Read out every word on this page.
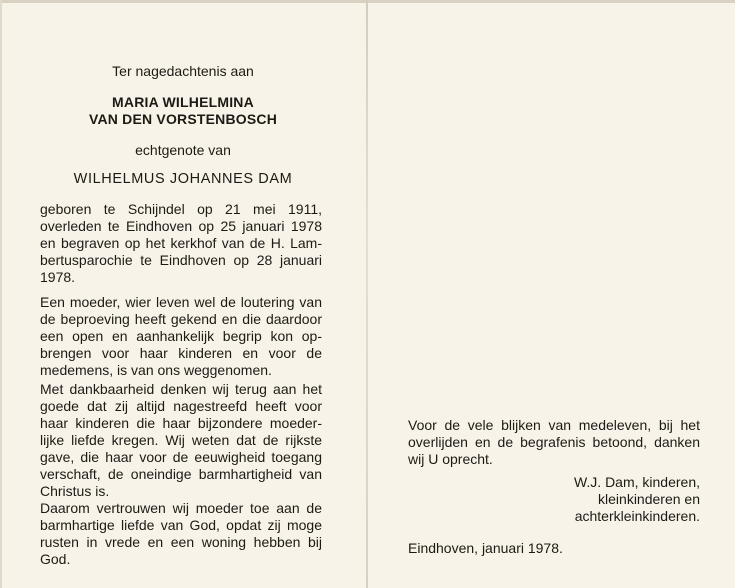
Ter nagedachtenis aan
MARIA WILHELMINA
VAN DEN VORSTENBOSCH
echtgenote van
WILHELMUS JOHANNES DAM

geboren te Schijndel op 21 mei 1911,
overleden te Eindhoven op 25 januari 1978
en begraven op het kerkhof van de H. Lam-
bertusparochie te Eindhoven op 28 januari
1978.

Een moeder, wier leven wel de loutering van
de beproeving heeft gekend en die daardoor
een open en aanhankelijk begrip kon op-
brengen voor haar kinderen en voor de
medemens, is van ons weggenomen.

Met dankbaarheid denken wij terug aan het
goede dat zij altijd nagestreefd heeft voor
haar kinderen die haar bijzondere moeder-
lijke liefde kregen. Wij weten dat de rijkste
gave, die haar voor de eeuwigheid toegang
verschaft, de oneindige barmhartigheid van
Christus is.
Daarom vertrouwen wij moeder toe aan de
barmhartige liefde van God, opdat zij moge
rusten in vrede en een woning hebben bij
God.

Voor de vele blijken van medeleven, bij het
overlijden en de begrafenis betoond, danken
wij U oprecht.

W.J. Dam, kinderen,
kleinkinderen en
achterkleinkinderen.

Eindhoven, januari 1978.
